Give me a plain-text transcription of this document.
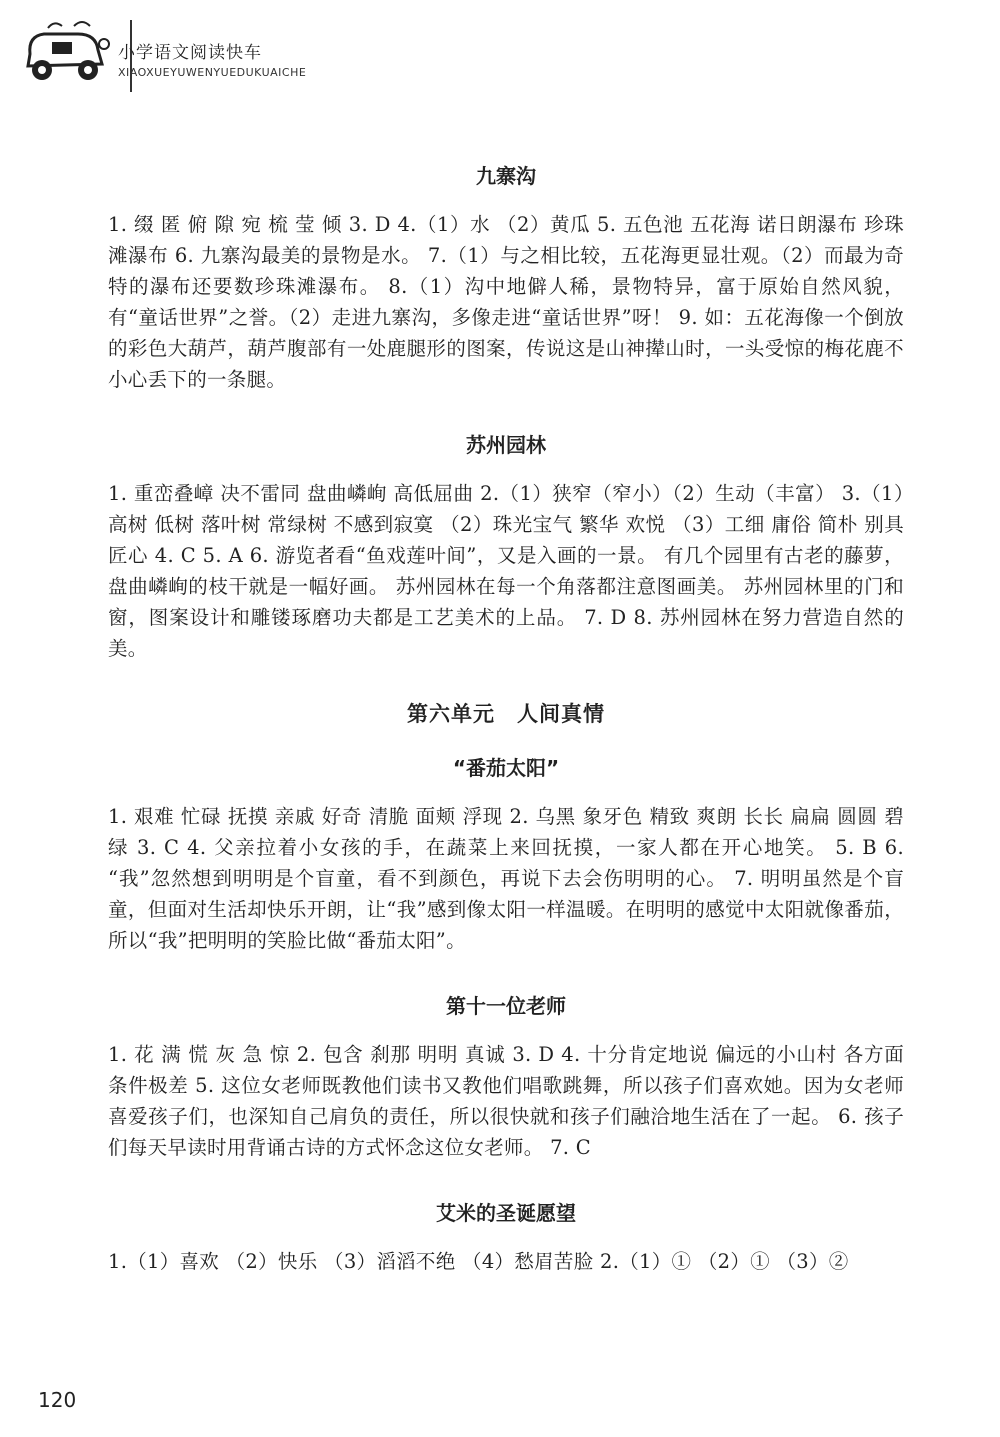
小学语文阅读快车
XIAOXUEYUWENYUEDUKUAICHE
九寨沟

1. 缀 匿 俯 隙 宛 梳 莹 倾 3. D 4.（1）水 （2）黄瓜 5. 五色池 五花海 诺日朗瀑布 珍珠滩瀑布 6. 九寨沟最美的景物是水。 7.（1）与之相比较，五花海更显壮观。（2）而最为奇特的瀑布还要数珍珠滩瀑布。 8.（1）沟中地僻人稀，景物特异，富于原始自然风貌，有“童话世界”之誉。（2）走进九寨沟，多像走进“童话世界”呀！ 9. 如：五花海像一个倒放的彩色大葫芦，葫芦腹部有一处鹿腿形的图案，传说这是山神撵山时，一头受惊的梅花鹿不小心丢下的一条腿。

苏州园林

1. 重峦叠嶂 决不雷同 盘曲嶙峋 高低屈曲 2.（1）狭窄（窄小）（2）生动（丰富） 3.（1）高树 低树 落叶树 常绿树 不感到寂寞 （2）珠光宝气 繁华 欢悦 （3）工细 庸俗 简朴 别具匠心 4. C 5. A 6. 游览者看“鱼戏莲叶间”，又是入画的一景。 有几个园里有古老的藤萝，盘曲嶙峋的枝干就是一幅好画。 苏州园林在每一个角落都注意图画美。 苏州园林里的门和窗，图案设计和雕镂琢磨功夫都是工艺美术的上品。 7. D 8. 苏州园林在努力营造自然的美。

第六单元　人间真情
“番茄太阳”

1. 艰难 忙碌 抚摸 亲戚 好奇 清脆 面颊 浮现 2. 乌黑 象牙色 精致 爽朗 长长 扁扁 圆圆 碧绿 3. C 4. 父亲拉着小女孩的手，在蔬菜上来回抚摸，一家人都在开心地笑。 5. B 6. “我”忽然想到明明是个盲童，看不到颜色，再说下去会伤明明的心。 7. 明明虽然是个盲童，但面对生活却快乐开朗，让“我”感到像太阳一样温暖。在明明的感觉中太阳就像番茄，所以“我”把明明的笑脸比做“番茄太阳”。

第十一位老师

1. 花 满 慌 灰 急 惊 2. 包含 刹那 明明 真诚 3. D 4. 十分肯定地说 偏远的小山村 各方面条件极差 5. 这位女老师既教他们读书又教他们唱歌跳舞，所以孩子们喜欢她。因为女老师喜爱孩子们，也深知自己肩负的责任，所以很快就和孩子们融洽地生活在了一起。 6. 孩子们每天早读时用背诵古诗的方式怀念这位女老师。 7. C

艾米的圣诞愿望

1.（1）喜欢 （2）快乐 （3）滔滔不绝 （4）愁眉苦脸 2.（1）① （2）① （3）②

120
